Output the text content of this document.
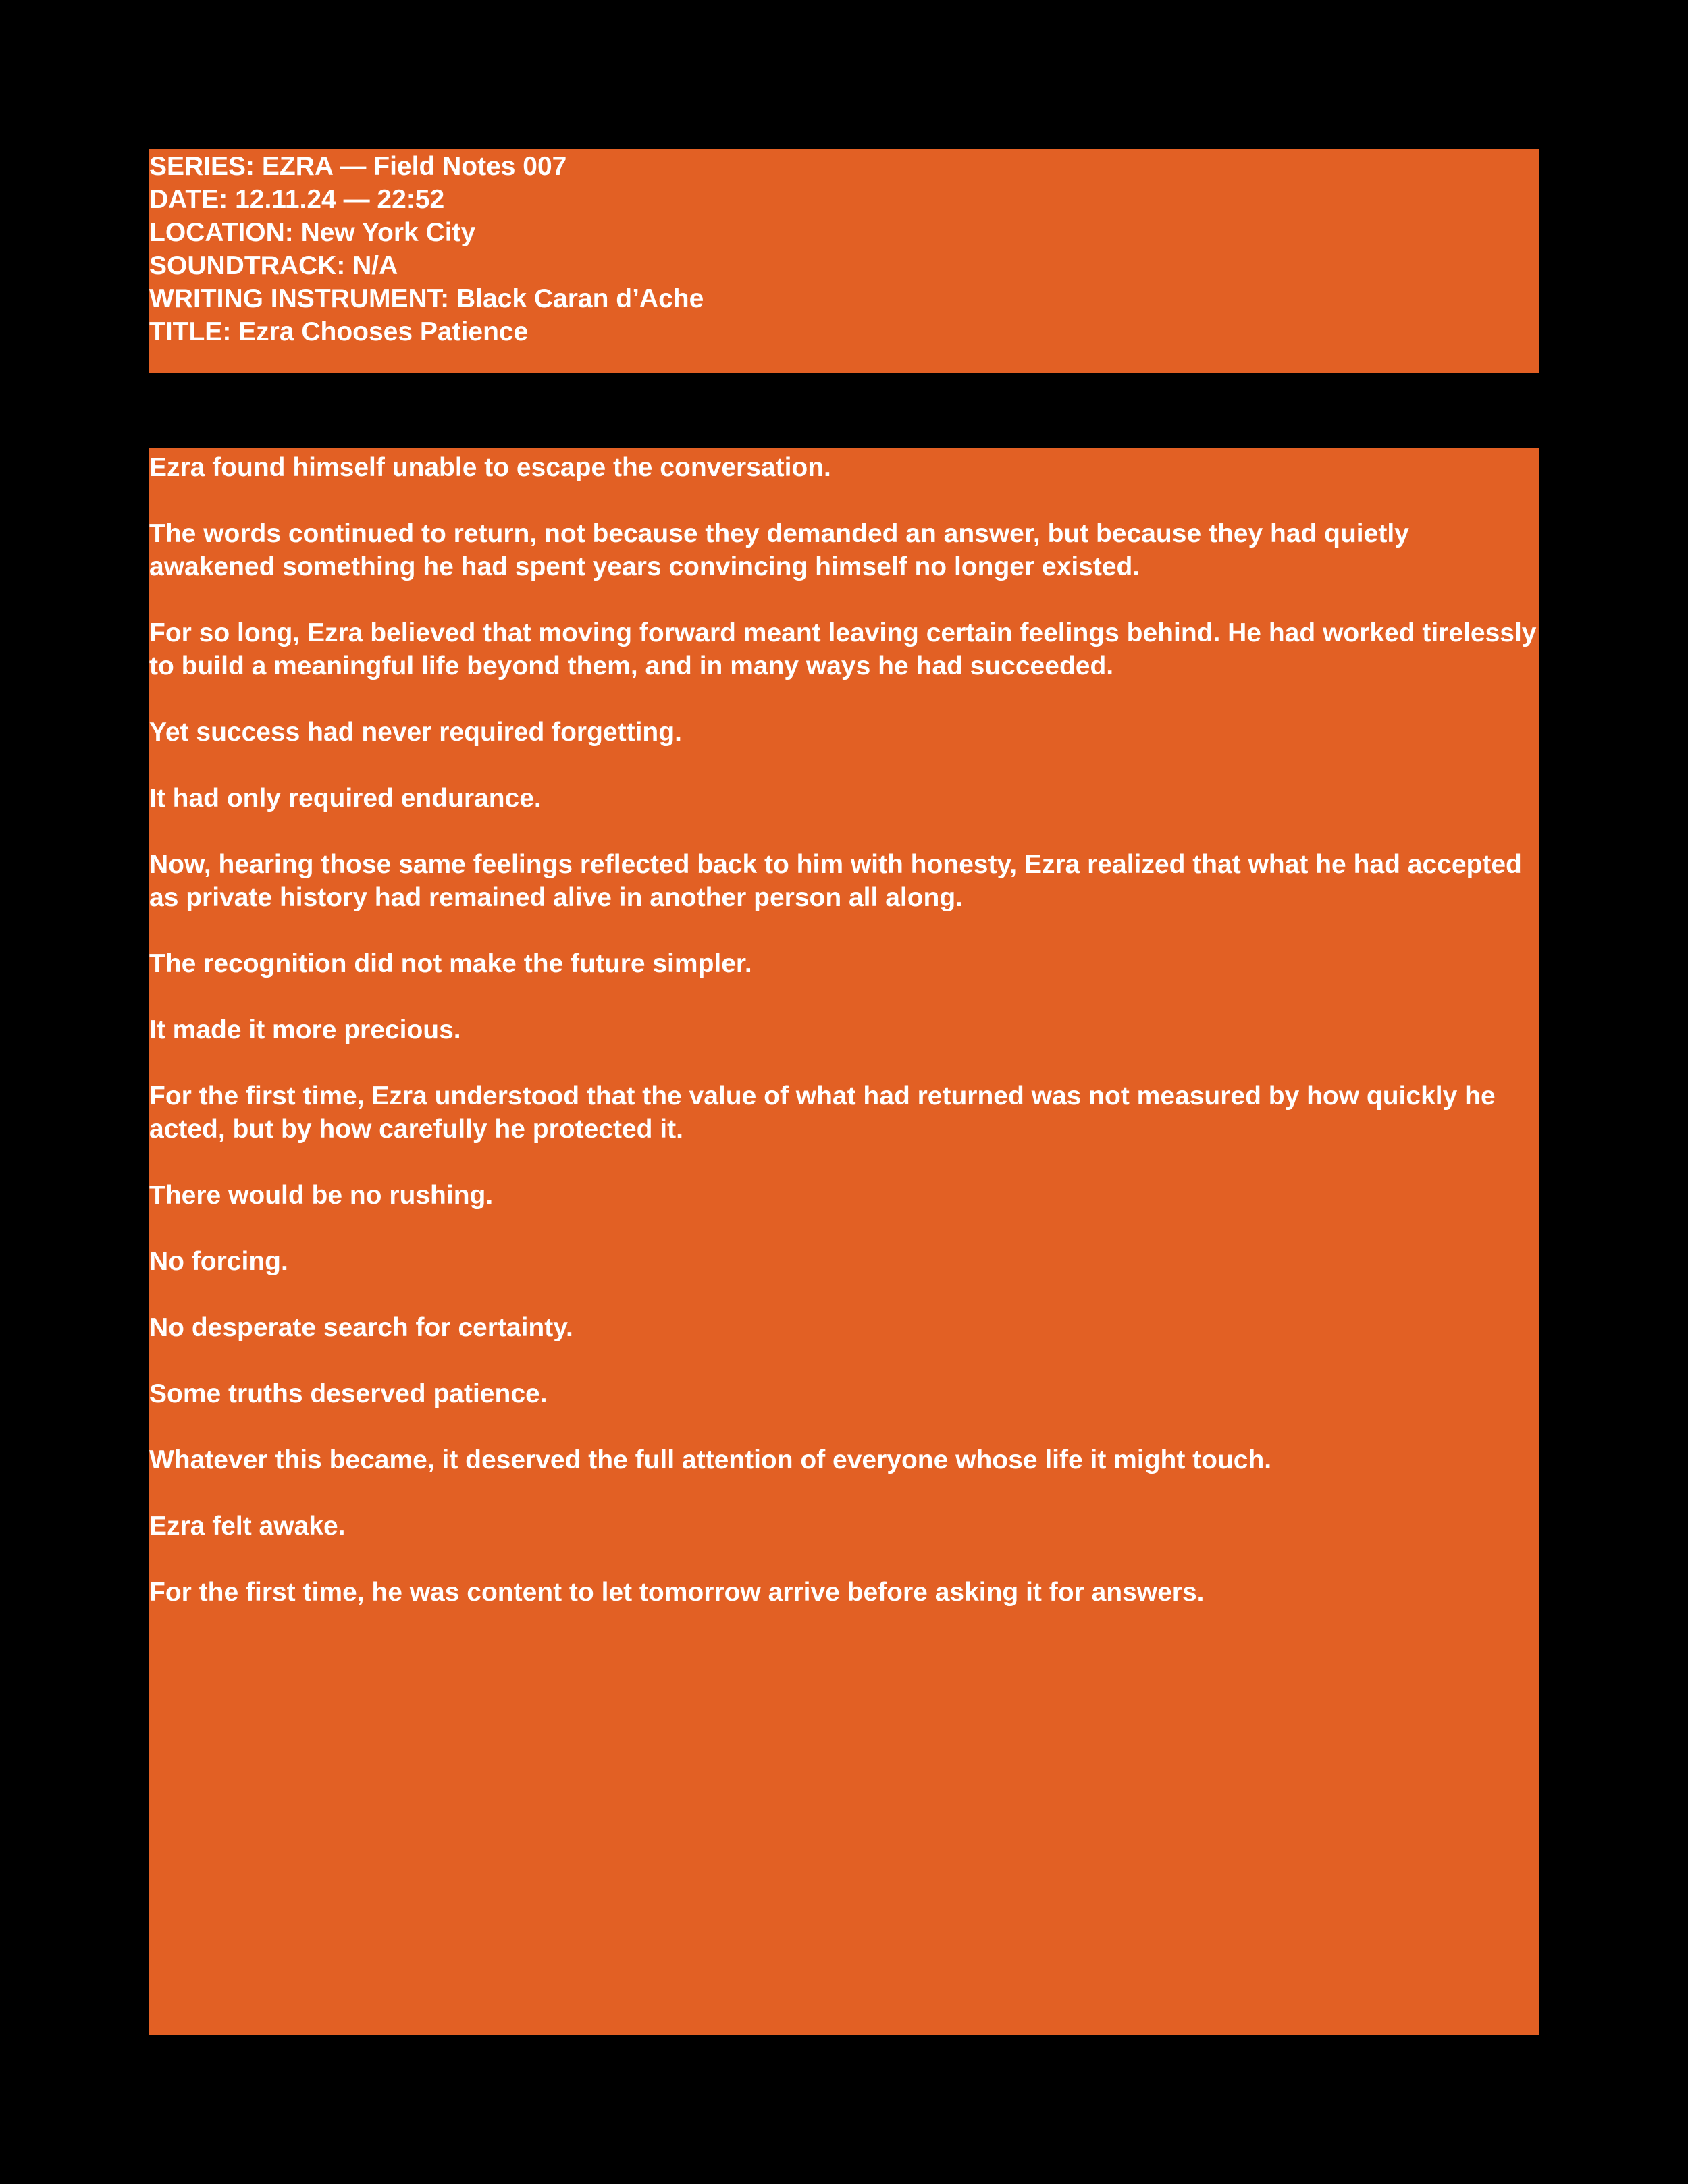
SERIES: EZRA — Field Notes 007
DATE: 12.11.24 — 22:52
LOCATION: New York City
SOUNDTRACK: N/A
WRITING INSTRUMENT: Black Caran d’Ache
TITLE: Ezra Chooses Patience

Ezra found himself unable to escape the conversation.

The words continued to return, not because they demanded an answer, but because they had quietly awakened something he had spent years convincing himself no longer existed.

For so long, Ezra believed that moving forward meant leaving certain feelings behind. He had worked tirelessly to build a meaningful life beyond them, and in many ways he had succeeded.

Yet success had never required forgetting.

It had only required endurance.

Now, hearing those same feelings reflected back to him with honesty, Ezra realized that what he had accepted as private history had remained alive in another person all along.

The recognition did not make the future simpler.

It made it more precious.

For the first time, Ezra understood that the value of what had returned was not measured by how quickly he acted, but by how carefully he protected it.

There would be no rushing.

No forcing.

No desperate search for certainty.

Some truths deserved patience.

Whatever this became, it deserved the full attention of everyone whose life it might touch.

Ezra felt awake.

For the first time, he was content to let tomorrow arrive before asking it for answers.
